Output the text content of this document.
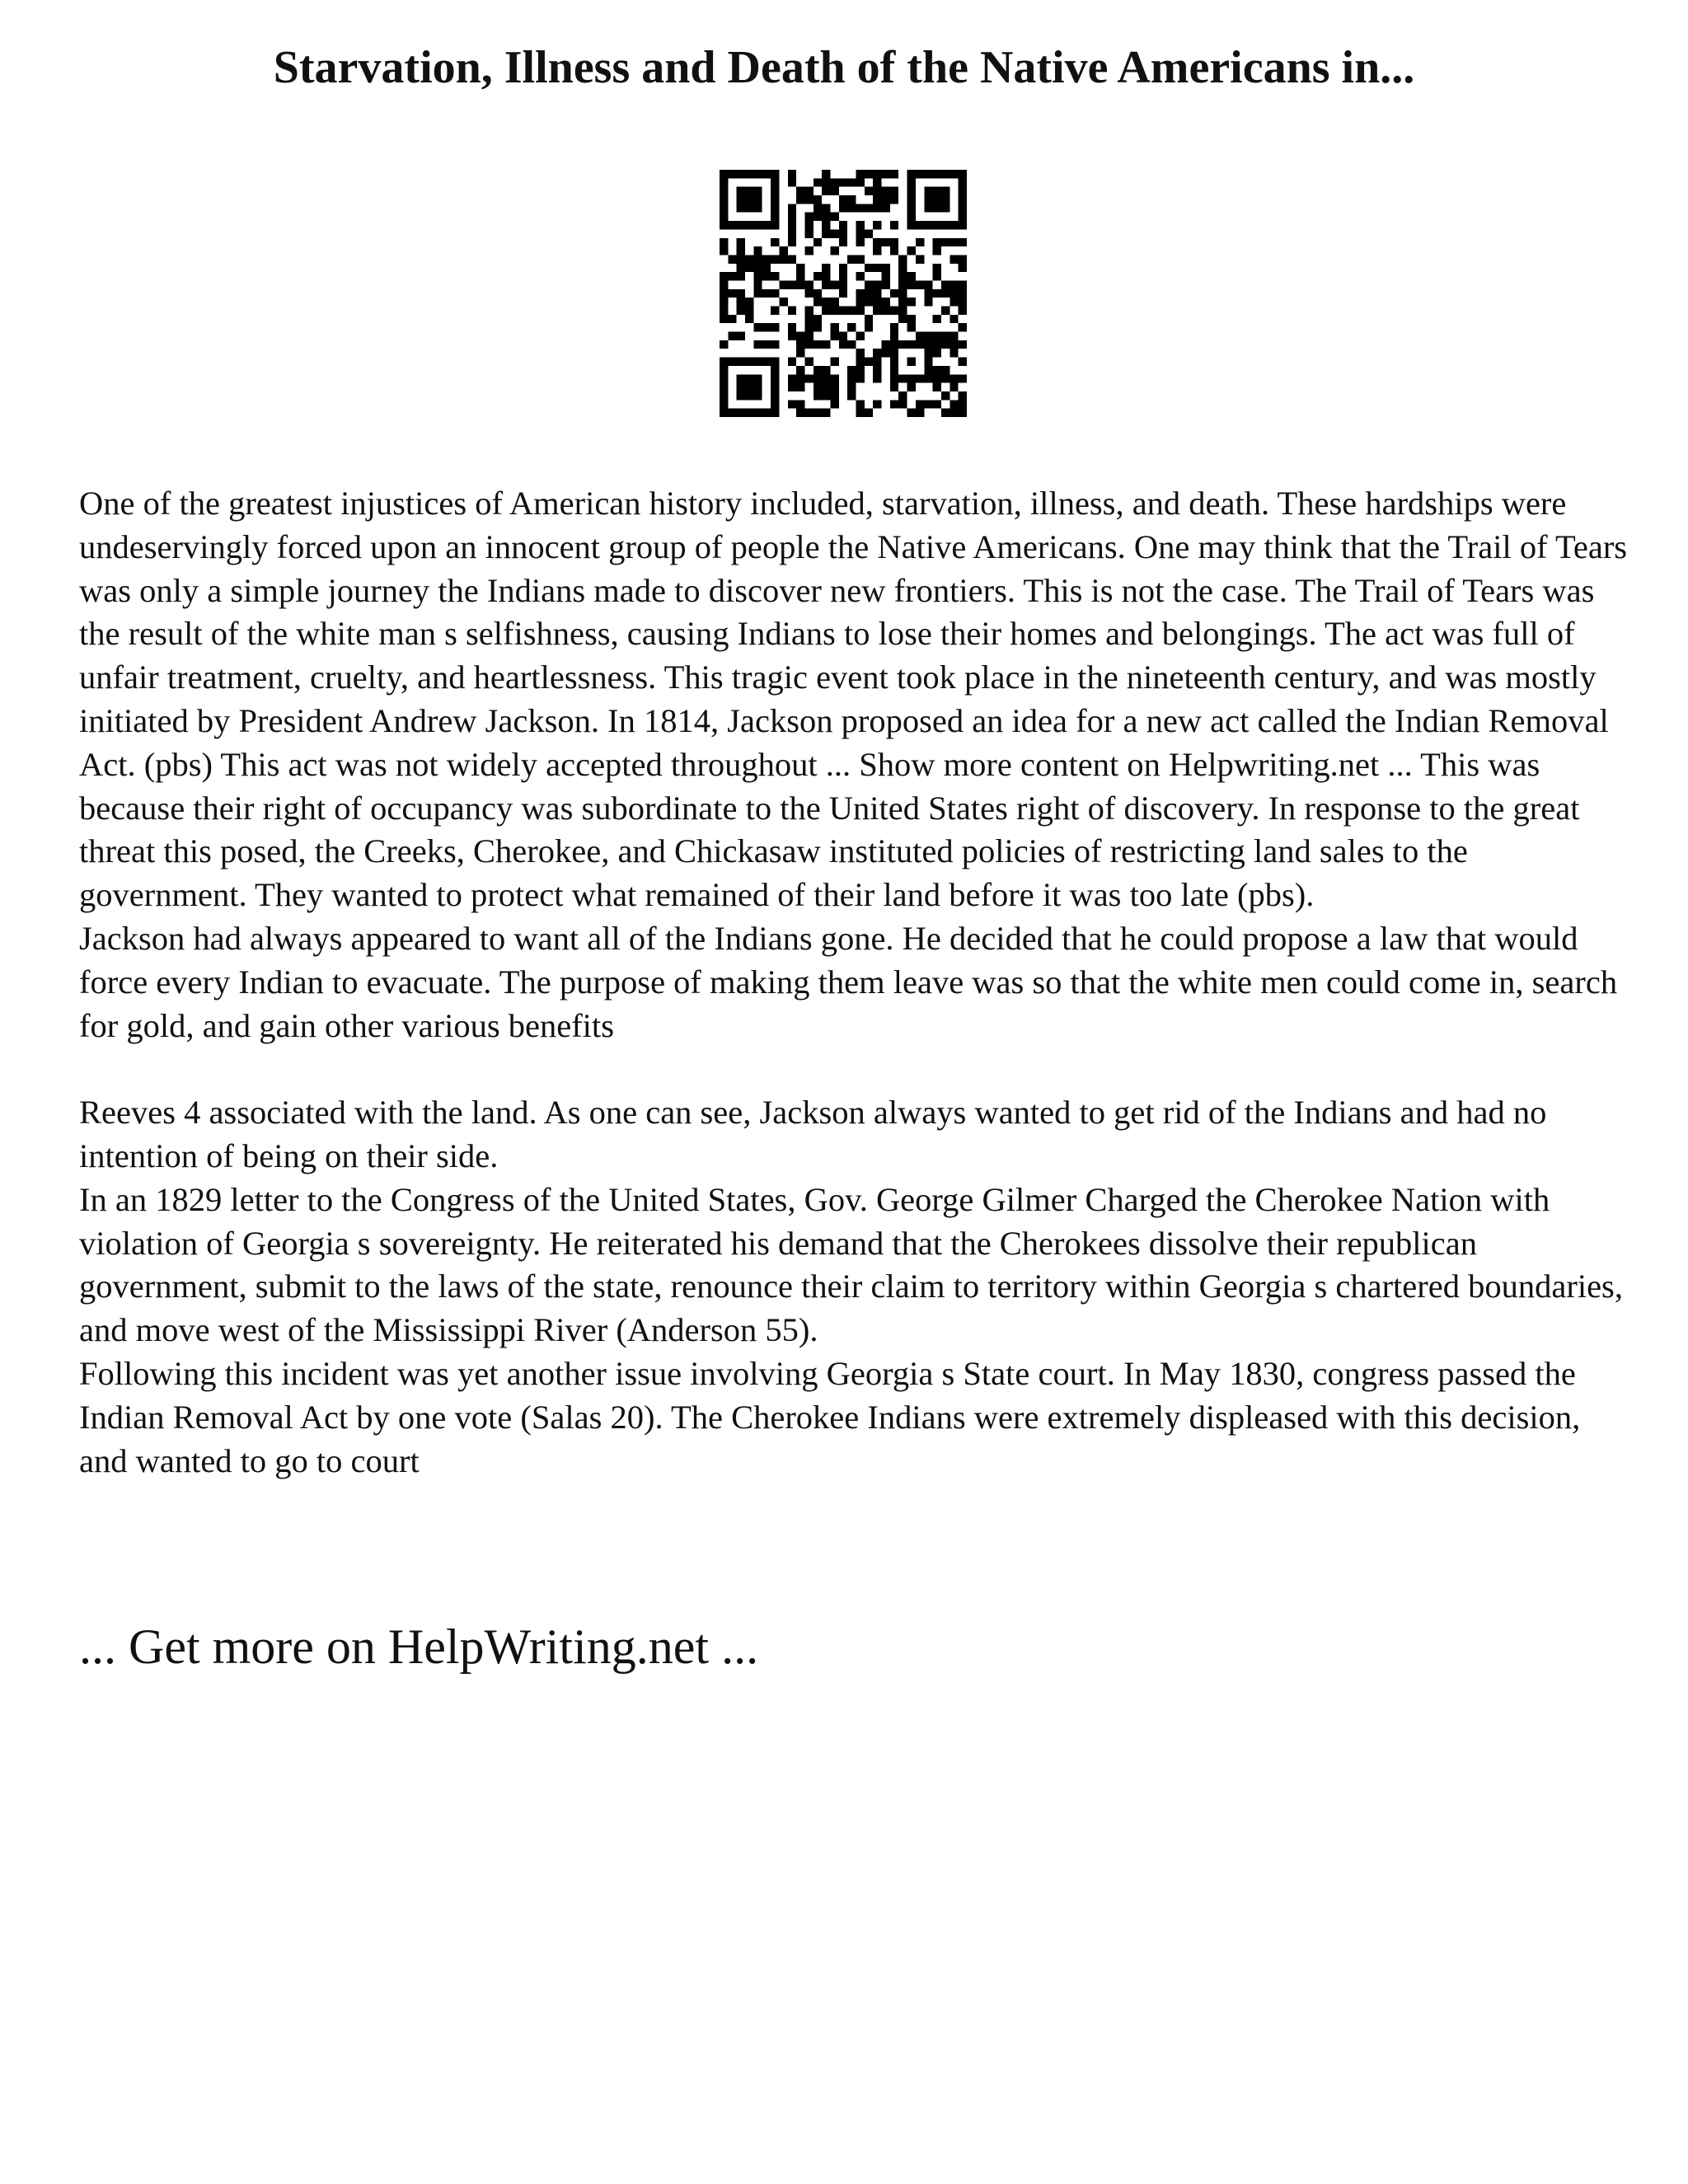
Starvation, Illness and Death of the Native Americans in...

One of the greatest injustices of American history included, starvation, illness, and death. These hardships were undeservingly forced upon an innocent group of people the Native Americans. One may think that the Trail of Tears was only a simple journey the Indians made to discover new frontiers. This is not the case. The Trail of Tears was the result of the white man s selfishness, causing Indians to lose their homes and belongings. The act was full of unfair treatment, cruelty, and heartlessness. This tragic event took place in the nineteenth century, and was mostly initiated by President Andrew Jackson. In 1814, Jackson proposed an idea for a new act called the Indian Removal Act. (pbs) This act was not widely accepted throughout ... Show more content on Helpwriting.net ... This was because their right of occupancy was subordinate to the United States right of discovery. In response to the great threat this posed, the Creeks, Cherokee, and Chickasaw instituted policies of restricting land sales to the government. They wanted to protect what remained of their land before it was too late (pbs).

Jackson had always appeared to want all of the Indians gone. He decided that he could propose a law that would force every Indian to evacuate. The purpose of making them leave was so that the white men could come in, search for gold, and gain other various benefits

Reeves 4 associated with the land. As one can see, Jackson always wanted to get rid of the Indians and had no intention of being on their side.

In an 1829 letter to the Congress of the United States, Gov. George Gilmer Charged the Cherokee Nation with violation of Georgia s sovereignty. He reiterated his demand that the Cherokees dissolve their republican government, submit to the laws of the state, renounce their claim to territory within Georgia s chartered boundaries, and move west of the Mississippi River (Anderson 55).

Following this incident was yet another issue involving Georgia s State court. In May 1830, congress passed the Indian Removal Act by one vote (Salas 20). The Cherokee Indians were extremely displeased with this decision, and wanted to go to court

... Get more on HelpWriting.net ...
